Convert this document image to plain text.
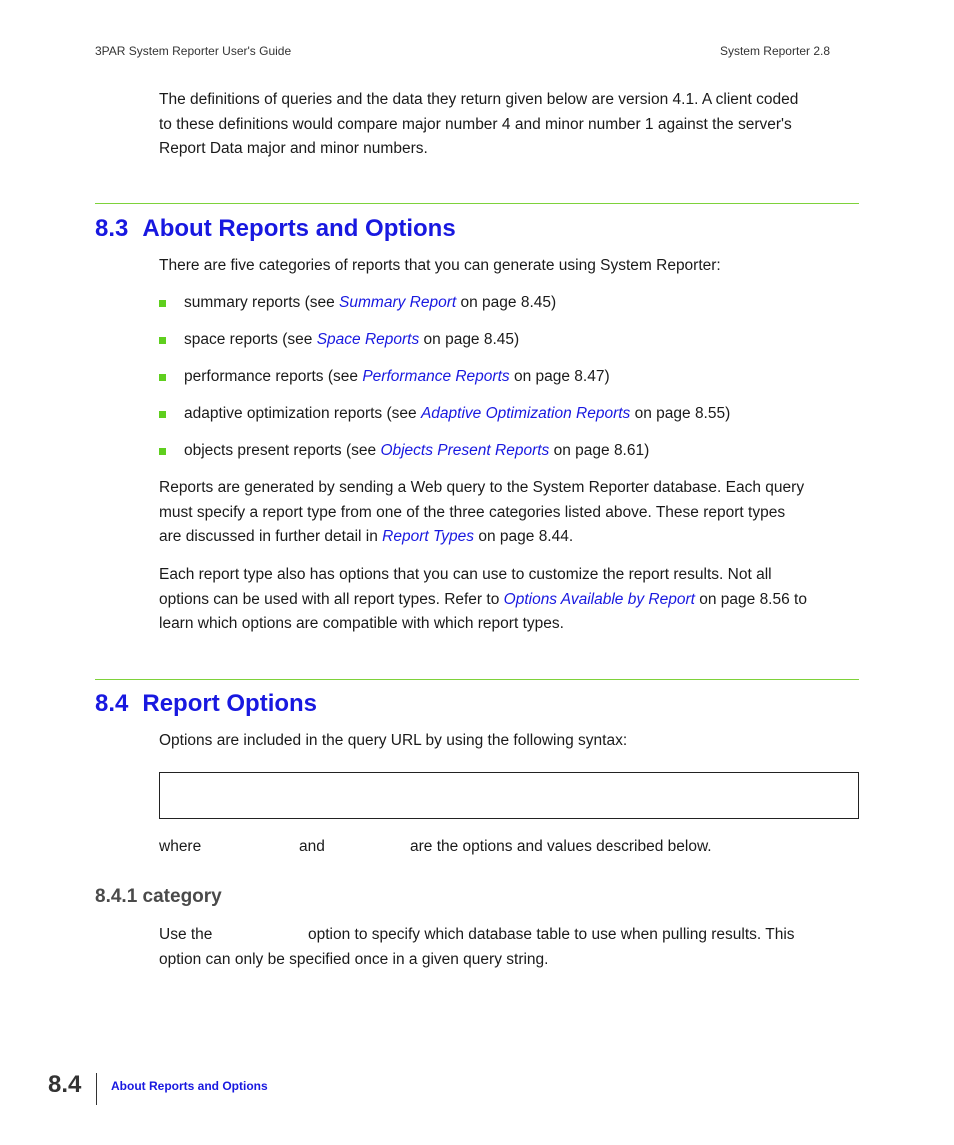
3PAR System Reporter User's Guide	System Reporter 2.8
The definitions of queries and the data they return given below are version 4.1. A client coded
to these definitions would compare major number 4 and minor number 1 against the server's
Report Data major and minor numbers.
8.3 About Reports and Options
There are five categories of reports that you can generate using System Reporter:
summary reports (see Summary Report on page 8.45)
space reports (see Space Reports on page 8.45)
performance reports (see Performance Reports on page 8.47)
adaptive optimization reports (see Adaptive Optimization Reports on page 8.55)
objects present reports (see Objects Present Reports on page 8.61)
Reports are generated by sending a Web query to the System Reporter database. Each query
must specify a report type from one of the three categories listed above. These report types
are discussed in further detail in Report Types on page 8.44.
Each report type also has options that you can use to customize the report results. Not all
options can be used with all report types. Refer to Options Available by Report on page 8.56 to
learn which options are compatible with which report types.
8.4 Report Options
Options are included in the query URL by using the following syntax:
where	and	are the options and values described below.
8.4.1 category
Use the	option to specify which database table to use when pulling results. This
option can only be specified once in a given query string.
8.4 About Reports and Options
